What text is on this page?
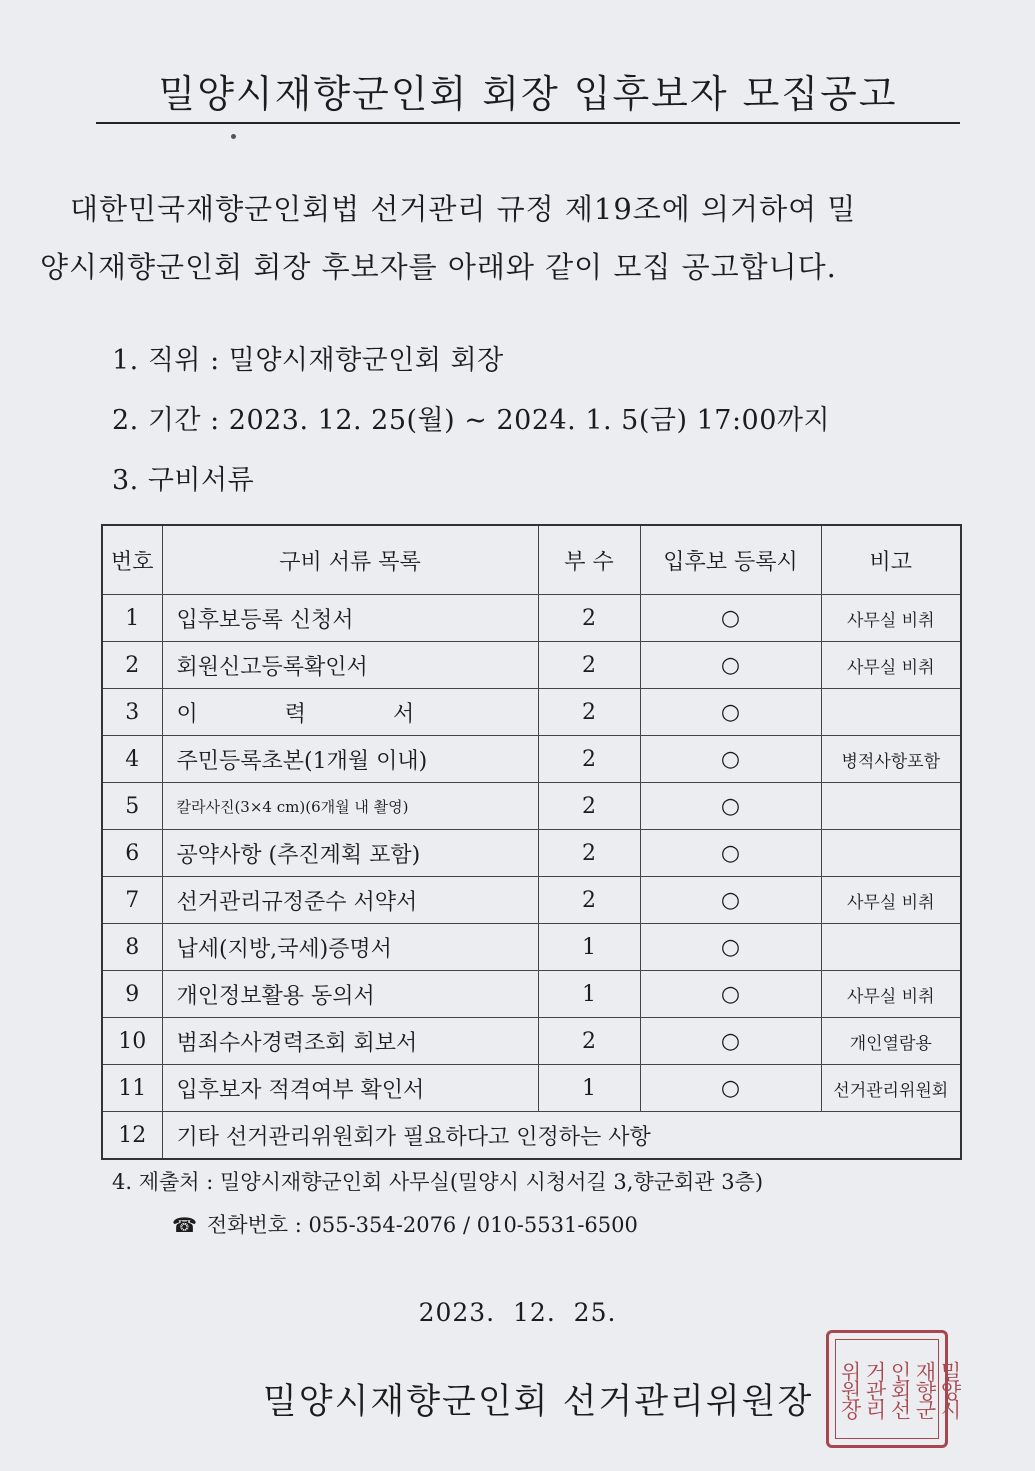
밀양시재향군인회 회장 입후보자 모집공고
대한민국재향군인회법 선거관리 규정 제19조에 의거하여 밀
양시재향군인회 회장 후보자를 아래와 같이 모집 공고합니다.
1. 직위 : 밀양시재향군인회 회장
2. 기간 : 2023. 12. 25(월) ~ 2024. 1. 5(금) 17:00까지
3. 구비서류
번호	구비 서류 목록	부 수	입후보 등록시	비고
1	입후보등록 신청서	2	○	사무실 비취
2	회원신고등록확인서	2	○	사무실 비취
3	이 력 서	2	○	
4	주민등록초본(1개월 이내)	2	○	병적사항포함
5	칼라사진(3×4 cm)(6개월 내 촬영)	2	○	
6	공약사항 (추진계획 포함)	2	○	
7	선거관리규정준수 서약서	2	○	사무실 비취
8	납세(지방,국세)증명서	1	○	
9	개인정보활용 동의서	1	○	사무실 비취
10	범죄수사경력조회 회보서	2	○	개인열람용
11	입후보자 적격여부 확인서	1	○	선거관리위원회
12	기타 선거관리위원회가 필요하다고 인정하는 사항			
4. 제출처 : 밀양시재향군인회 사무실(밀양시 시청서길 3,향군회관 3층)
☎ 전화번호 : 055-354-2076 / 010-5531-6500
2023.  12.  25.
밀양시재향군인회 선거관리위원장	밀양시
재향군
인회선
거관리
위원장
